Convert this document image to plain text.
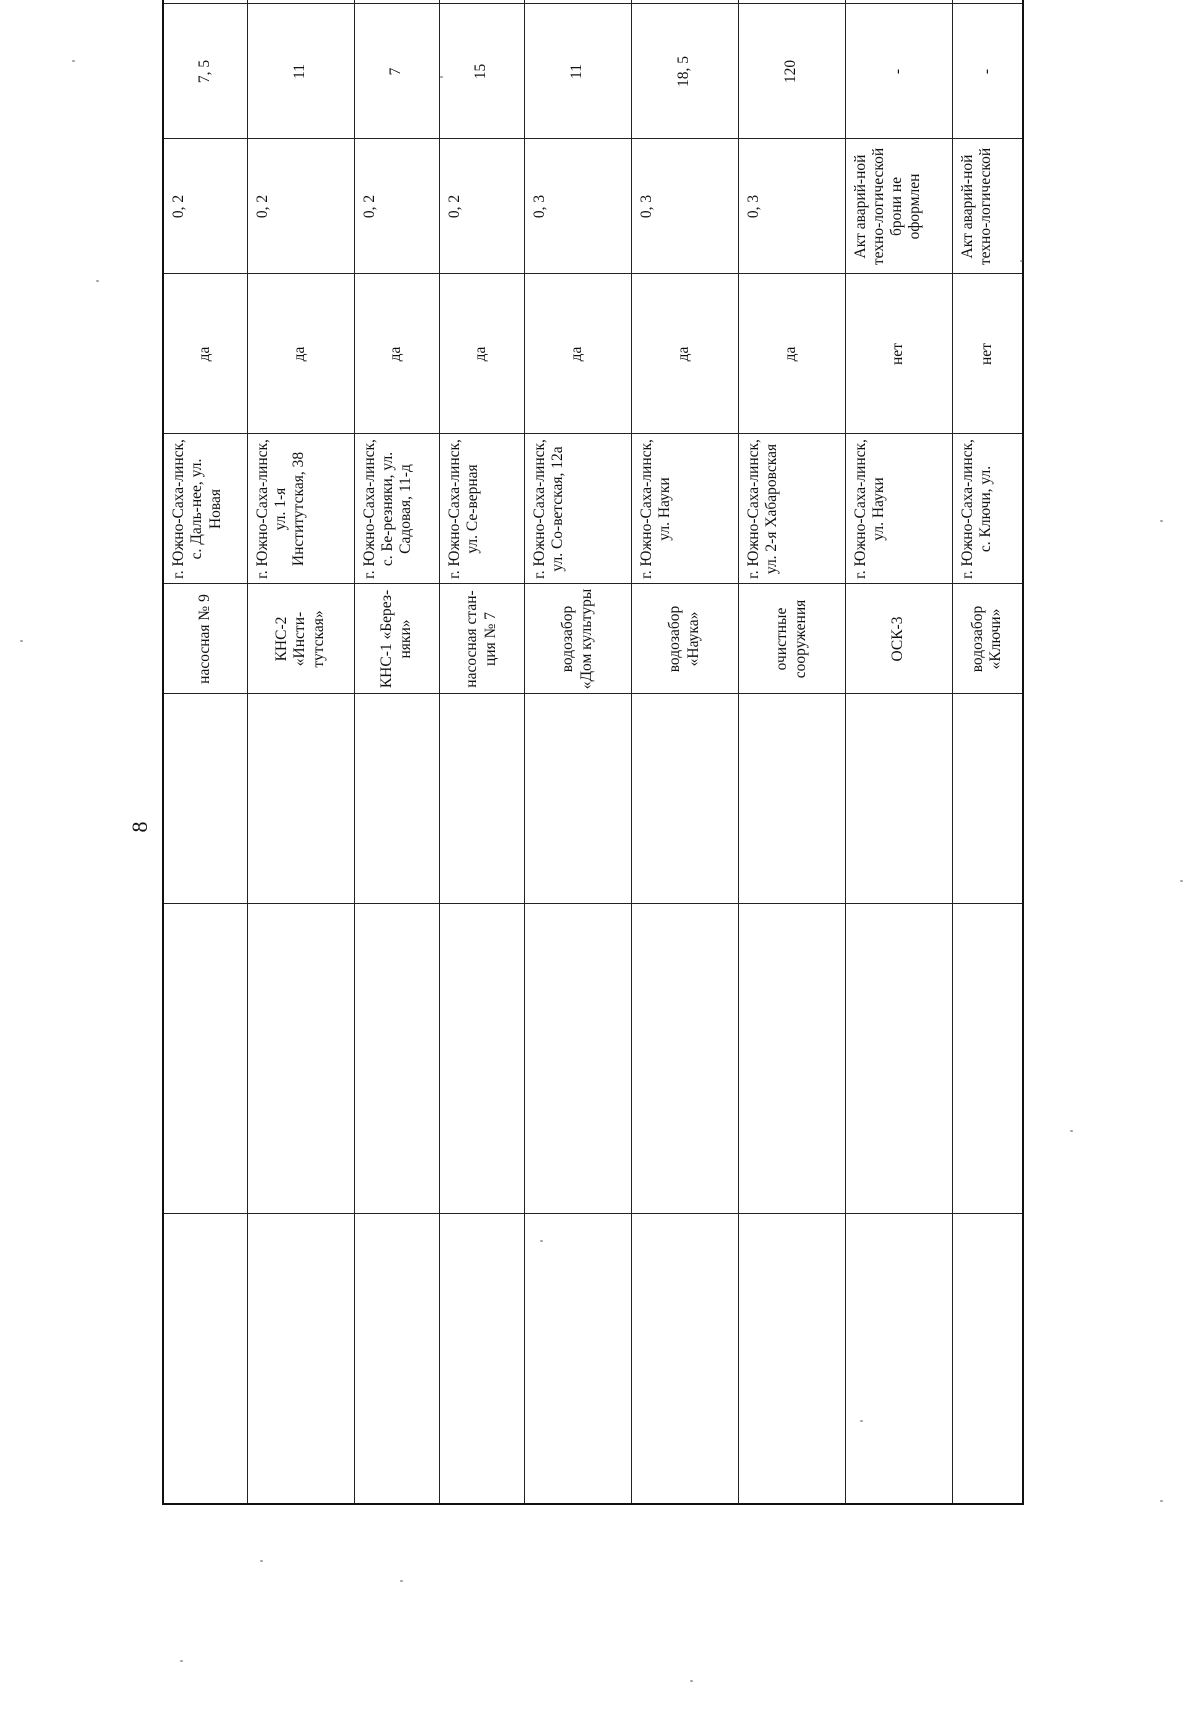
8
			насосная № 9	г. Южно-Саха-линск, с. Даль-нее, ул. Новая	да	0, 2	7, 5			
			КНС-2 «Инсти-тутская»	г. Южно-Саха-линск, ул. 1-я Институтская, 38	да	0, 2	11			
			КНС-1 «Берез-няки»	г. Южно-Саха-линск, с. Бе-резняки, ул. Садовая, 11-д	да	0, 2	7			
			насосная стан-ция № 7	г. Южно-Саха-линск, ул. Се-верная	да	0, 2	15			
			водозабор «Дом культуры	г. Южно-Саха-линск, ул. Со-ветская, 12а	да	0, 3	11			
			водозабор «Наука»	г. Южно-Саха-линск, ул. Науки	да	0, 3	18, 5			
			очистные сооружения	г. Южно-Саха-линск, ул. 2-я Хабаровская	да	0, 3	120			
			ОСК-3	г. Южно-Саха-линск, ул. Науки	нет	Акт аварий-ной техно-логической брони не оформлен	-			
			водозабор «Ключи»	г. Южно-Саха-линск, с. Ключи, ул.	нет	Акт аварий-ной техно-логической	-			
